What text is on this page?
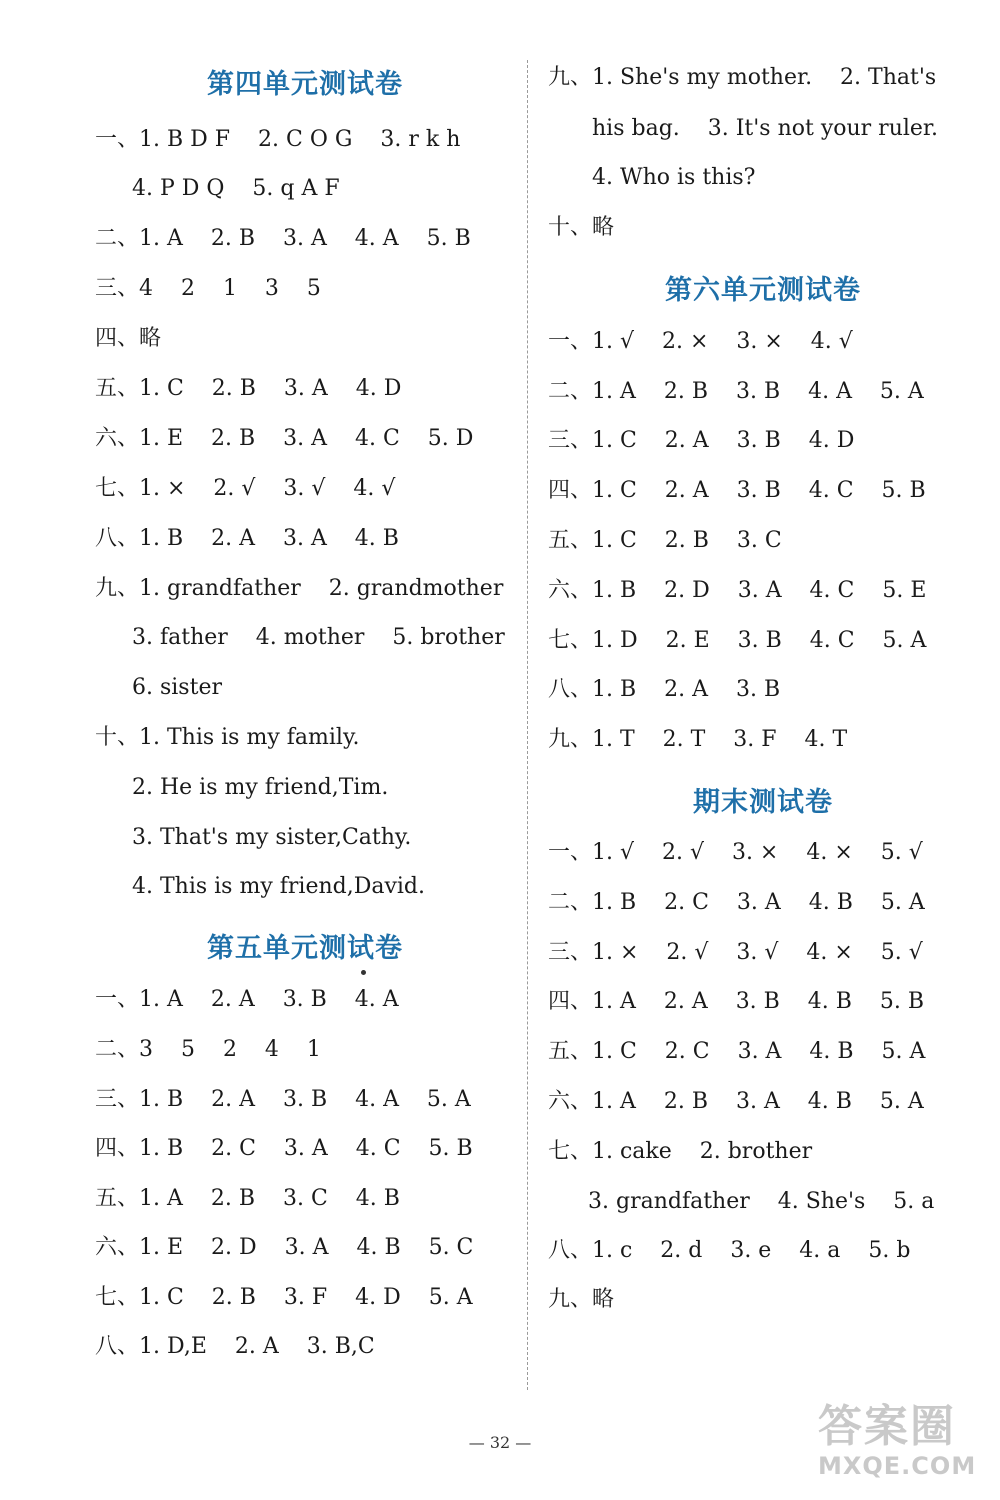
第四单元测试卷
一、1. B D F    2. C O G    3. r k h
4. P D Q    5. q A F
二、1. A    2. B    3. A    4. A    5. B
三、4    2    1    3    5
四、略
五、1. C    2. B    3. A    4. D
六、1. E    2. B    3. A    4. C    5. D
七、1. ×    2. √    3. √    4. √
八、1. B    2. A    3. A    4. B
九、1. grandfather    2. grandmother
3. father    4. mother    5. brother
6. sister
十、1. This is my family.
2. He is my friend,Tim.
3. That's my sister,Cathy.
4. This is my friend,David.
第五单元测试卷
一、1. A    2. A    3. B    4. A
二、3    5    2    4    1
三、1. B    2. A    3. B    4. A    5. A
四、1. B    2. C    3. A    4. C    5. B
五、1. A    2. B    3. C    4. B
六、1. E    2. D    3. A    4. B    5. C
七、1. C    2. B    3. F    4. D    5. A
八、1. D,E    2. A    3. B,C
九、1. She's my mother.    2. That's
his bag.    3. It's not your ruler.
4. Who is this?
十、略
第六单元测试卷
一、1. √    2. ×    3. ×    4. √
二、1. A    2. B    3. B    4. A    5. A
三、1. C    2. A    3. B    4. D
四、1. C    2. A    3. B    4. C    5. B
五、1. C    2. B    3. C
六、1. B    2. D    3. A    4. C    5. E
七、1. D    2. E    3. B    4. C    5. A
八、1. B    2. A    3. B
九、1. T    2. T    3. F    4. T
期末测试卷
一、1. √    2. √    3. ×    4. ×    5. √
二、1. B    2. C    3. A    4. B    5. A
三、1. ×    2. √    3. √    4. ×    5. √
四、1. A    2. A    3. B    4. B    5. B
五、1. C    2. C    3. A    4. B    5. A
六、1. A    2. B    3. A    4. B    5. A
七、1. cake    2. brother
3. grandfather    4. She's    5. a
八、1. c    2. d    3. e    4. a    5. b
九、略
— 32 —	答案圈
MXQE.COM
